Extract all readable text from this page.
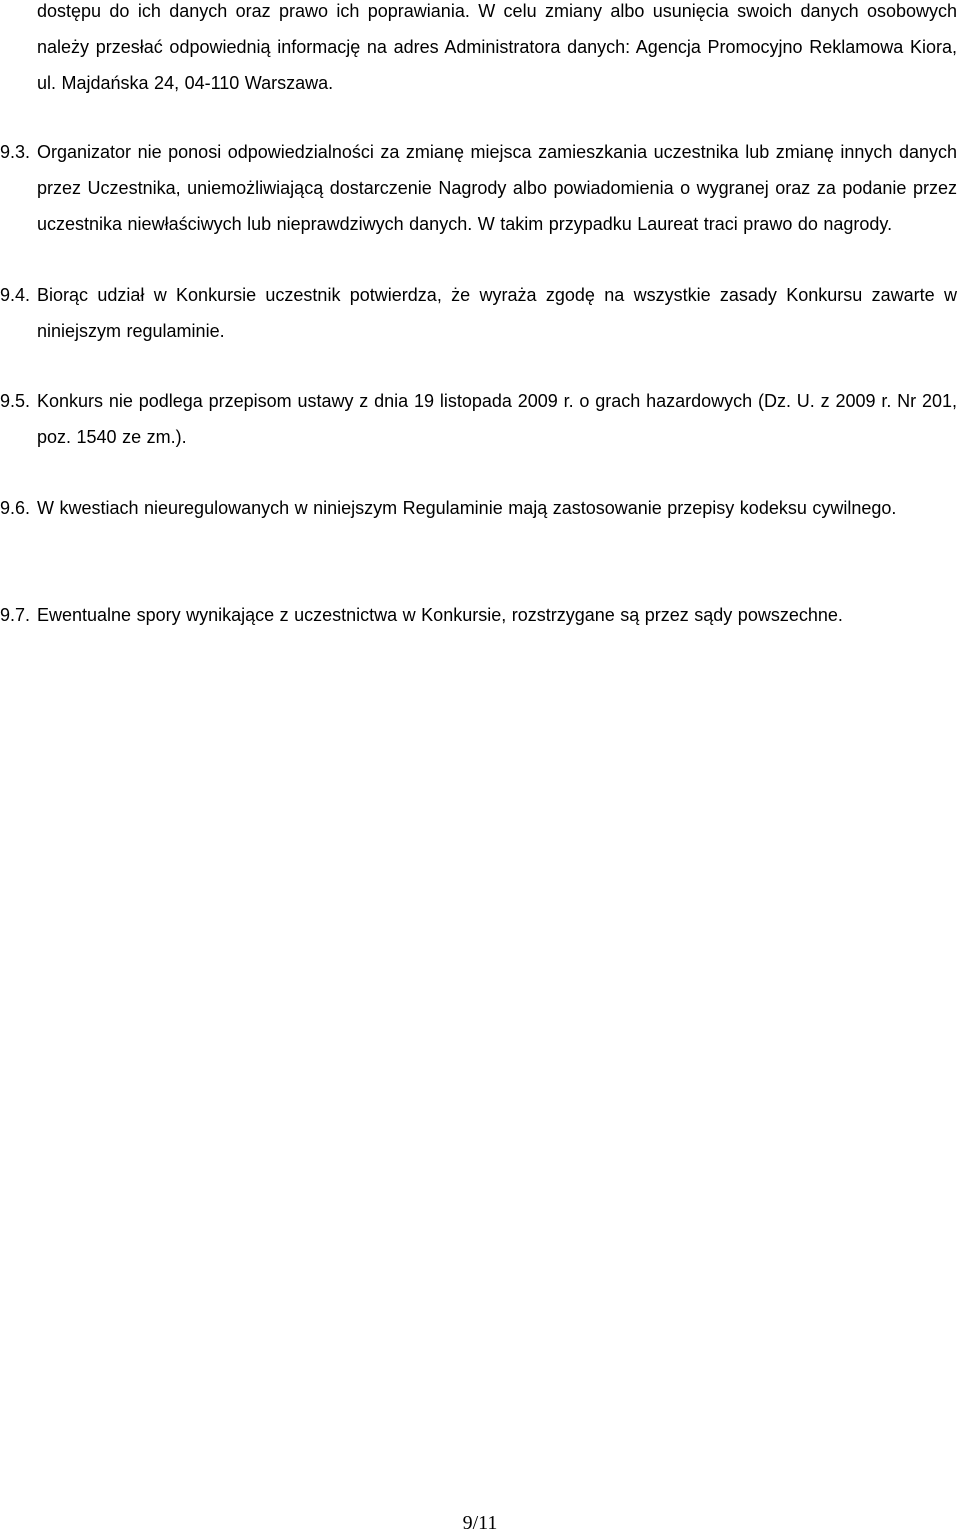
dostępu do ich danych oraz prawo ich poprawiania. W celu zmiany albo usunięcia swoich danych osobowych należy przesłać odpowiednią informację na adres Administratora danych: Agencja Promocyjno Reklamowa Kiora, ul. Majdańska 24, 04-110 Warszawa.

9.3. Organizator nie ponosi odpowiedzialności za zmianę miejsca zamieszkania uczestnika lub zmianę innych danych przez Uczestnika, uniemożliwiającą dostarczenie Nagrody albo powiadomienia o wygranej oraz za podanie przez uczestnika niewłaściwych lub nieprawdziwych danych. W takim przypadku Laureat traci prawo do nagrody.

9.4. Biorąc udział w Konkursie uczestnik potwierdza, że wyraża zgodę na wszystkie zasady Konkursu zawarte w niniejszym regulaminie.

9.5. Konkurs nie podlega przepisom ustawy z dnia 19 listopada 2009 r. o grach hazardowych (Dz. U. z 2009 r. Nr 201, poz. 1540 ze zm.).

9.6. W kwestiach nieuregulowanych w niniejszym Regulaminie mają zastosowanie przepisy kodeksu cywilnego.

9.7. Ewentualne spory wynikające z uczestnictwa w Konkursie, rozstrzygane są przez sądy powszechne.

9/11
